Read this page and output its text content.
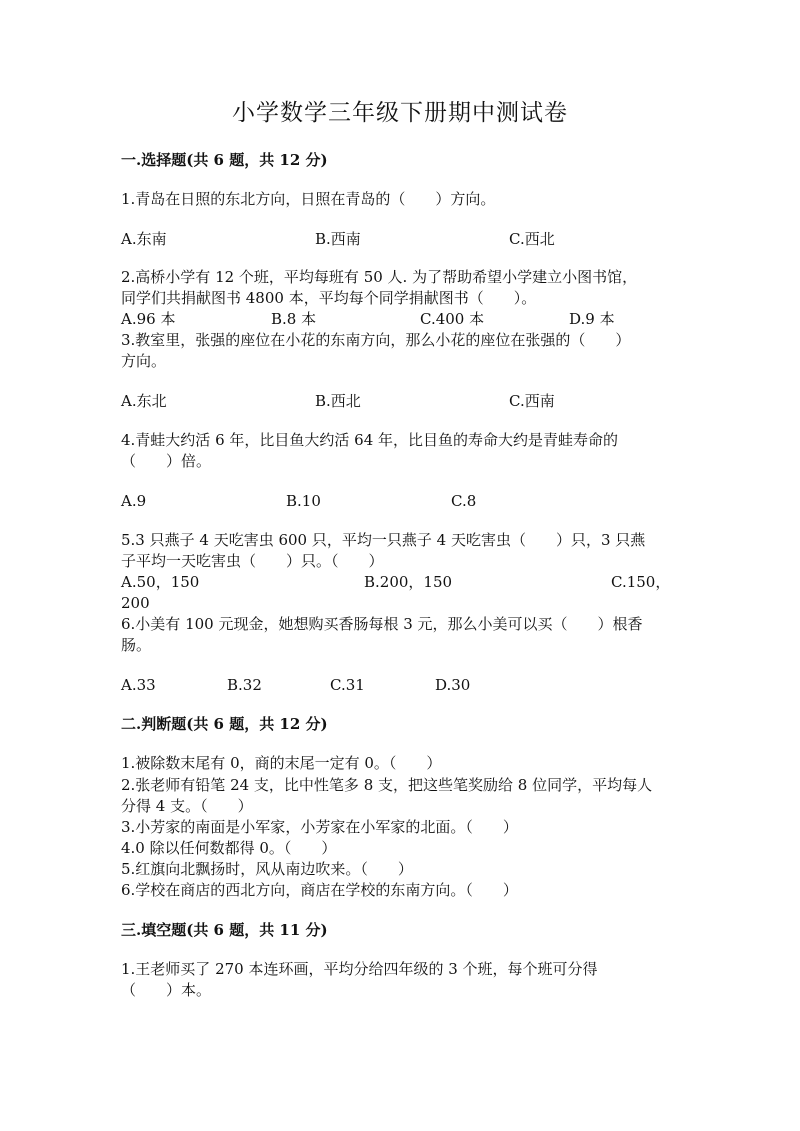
小学数学三年级下册期中测试卷
一.选择题(共 6 题，共 12 分)
1.青岛在日照的东北方向，日照在青岛的（　　）方向。
A.东南	B.西南	C.西北
2.高桥小学有 12 个班，平均每班有 50 人. 为了帮助希望小学建立小图书馆，
同学们共捐献图书 4800 本，平均每个同学捐献图书（　　）。
A.96 本	B.8 本	C.400 本	D.9 本
3.教室里，张强的座位在小花的东南方向，那么小花的座位在张强的（　　）
方向。
A.东北	B.西北	C.西南
4.青蛙大约活 6 年，比目鱼大约活 64 年，比目鱼的寿命大约是青蛙寿命的
（　　）倍。
A.9	B.10	C.8
5.3 只燕子 4 天吃害虫 600 只，平均一只燕子 4 天吃害虫（　　）只，3 只燕
子平均一天吃害虫（　　）只。（　　）
A.50，150	B.200，150	C.150，
200
6.小美有 100 元现金，她想购买香肠每根 3 元，那么小美可以买（　　）根香
肠。
A.33	B.32	C.31	D.30
二.判断题(共 6 题，共 12 分)
1.被除数末尾有 0，商的末尾一定有 0。（　　）
2.张老师有铅笔 24 支，比中性笔多 8 支，把这些笔奖励给 8 位同学，平均每人
分得 4 支。（　　）
3.小芳家的南面是小军家，小芳家在小军家的北面。（　　）
4.0 除以任何数都得 0。（　　）
5.红旗向北飘扬时，风从南边吹来。（　　）
6.学校在商店的西北方向，商店在学校的东南方向。（　　）
三.填空题(共 6 题，共 11 分)
1.王老师买了 270 本连环画，平均分给四年级的 3 个班，每个班可分得
（　　）本。
